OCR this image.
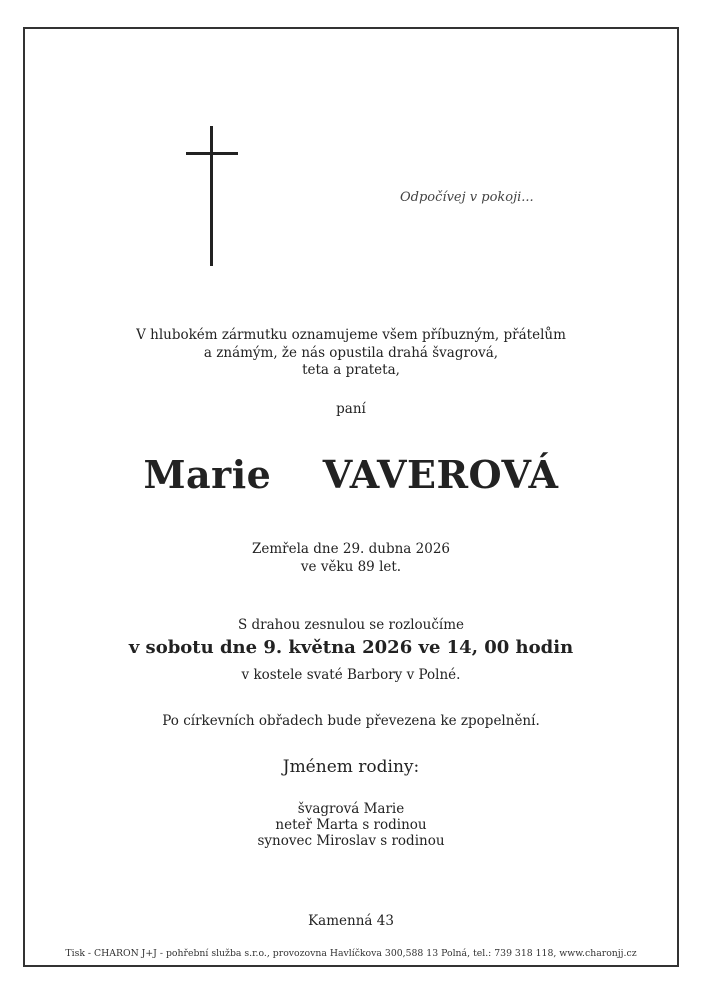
Odpočívej v pokoji...
V hlubokém zármutku oznamujeme všem příbuzným, přátelům
a známým, že nás opustila drahá švagrová,
teta a prateta,
paní
Marie  VAVEROVÁ
Zemřela dne 29. dubna 2026
ve věku 89 let.
S drahou zesnulou se rozloučíme
v sobotu dne 9. května 2026 ve 14, 00 hodin
v kostele svaté Barbory v Polné.
Po církevních obřadech bude převezena ke zpopelnění.
Jménem rodiny:
švagrová Marie
neteř Marta s rodinou
synovec Miroslav s rodinou
Kamenná 43
Tisk - CHARON J+J - pohřební služba s.r.o., provozovna Havlíčkova 300,588 13 Polná, tel.: 739 318 118, www.charonjj.cz
